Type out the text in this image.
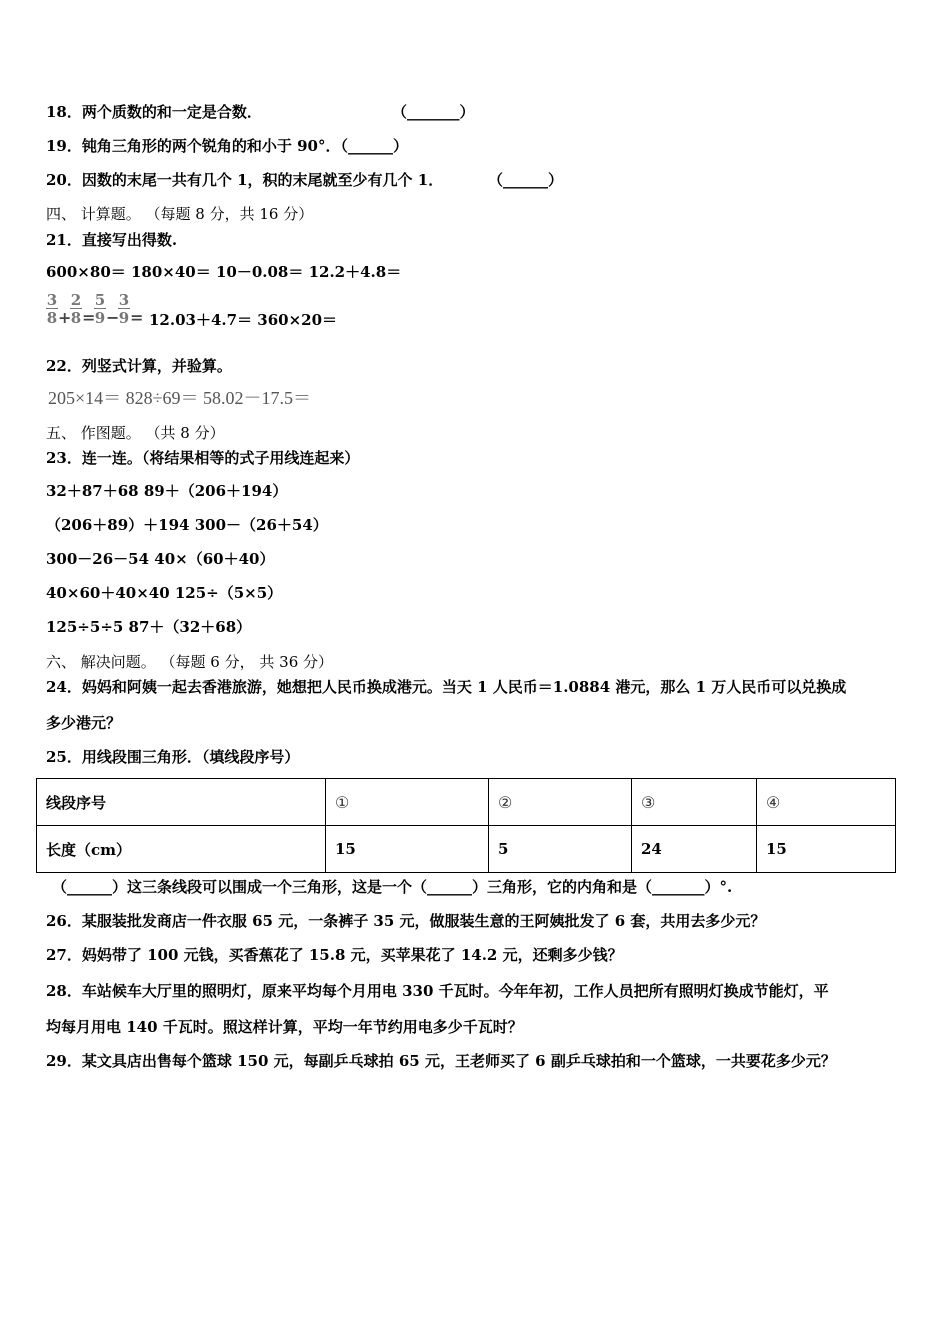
18．两个质数的和一定是合数．	（_______）
19．钝角三角形的两个锐角的和小于 90°．（______）
20．因数的末尾一共有几个 1，积的末尾就至少有几个 1．	（______）
四、 计算题。 （每题 8 分，共 16 分）
21．直接写出得数.
600×80＝ 180×40＝ 10－0.08＝ 12.2＋4.8＝
$\frac{3}{8}$ +
$\frac{2}{8}$ =
$\frac{5}{9}$ −
$\frac{3}{9} = 12.03+4.7= 360\times 20=$
22．列竖式计算，并验算。
205×14＝ 828÷69＝ 58.02－17.5＝
五、 作图题。 （共 8 分）
23．连一连。（将结果相等的式子用线连起来）
32＋87＋68 89＋（206＋194）
（206＋89）＋194 300－（26＋54）
300－26－54 40×（60＋40）
40×60＋40×40 125÷（5×5）
125÷5÷5 87＋（32＋68）
六、 解决问题。 （每题 6 分， 共 36 分）
24．妈妈和阿姨一起去香港旅游，她想把人民币换成港元。当天 1 人民币＝1.0884 港元，那么 1 万人民币可以兑换成
多少港元？
25．用线段围三角形．（填线段序号）
线段序号	①	②	③	④
长度（cm）	15	5	24	15
（______）这三条线段可以围成一个三角形，这是一个（______）三角形，它的内角和是（_______）°.
26．某服装批发商店一件衣服 65 元，一条裤子 35 元，做服装生意的王阿姨批发了 6 套，共用去多少元？
27．妈妈带了 100 元钱，买香蕉花了 15.8 元，买苹果花了 14.2 元，还剩多少钱？
28．车站候车大厅里的照明灯，原来平均每个月用电 330 千瓦时。今年年初，工作人员把所有照明灯换成节能灯，平
均每月用电 140 千瓦时。照这样计算，平均一年节约用电多少千瓦时？
29．某文具店出售每个篮球 150 元，每副乒乓球拍 65 元，王老师买了 6 副乒乓球拍和一个篮球，一共要花多少元？
